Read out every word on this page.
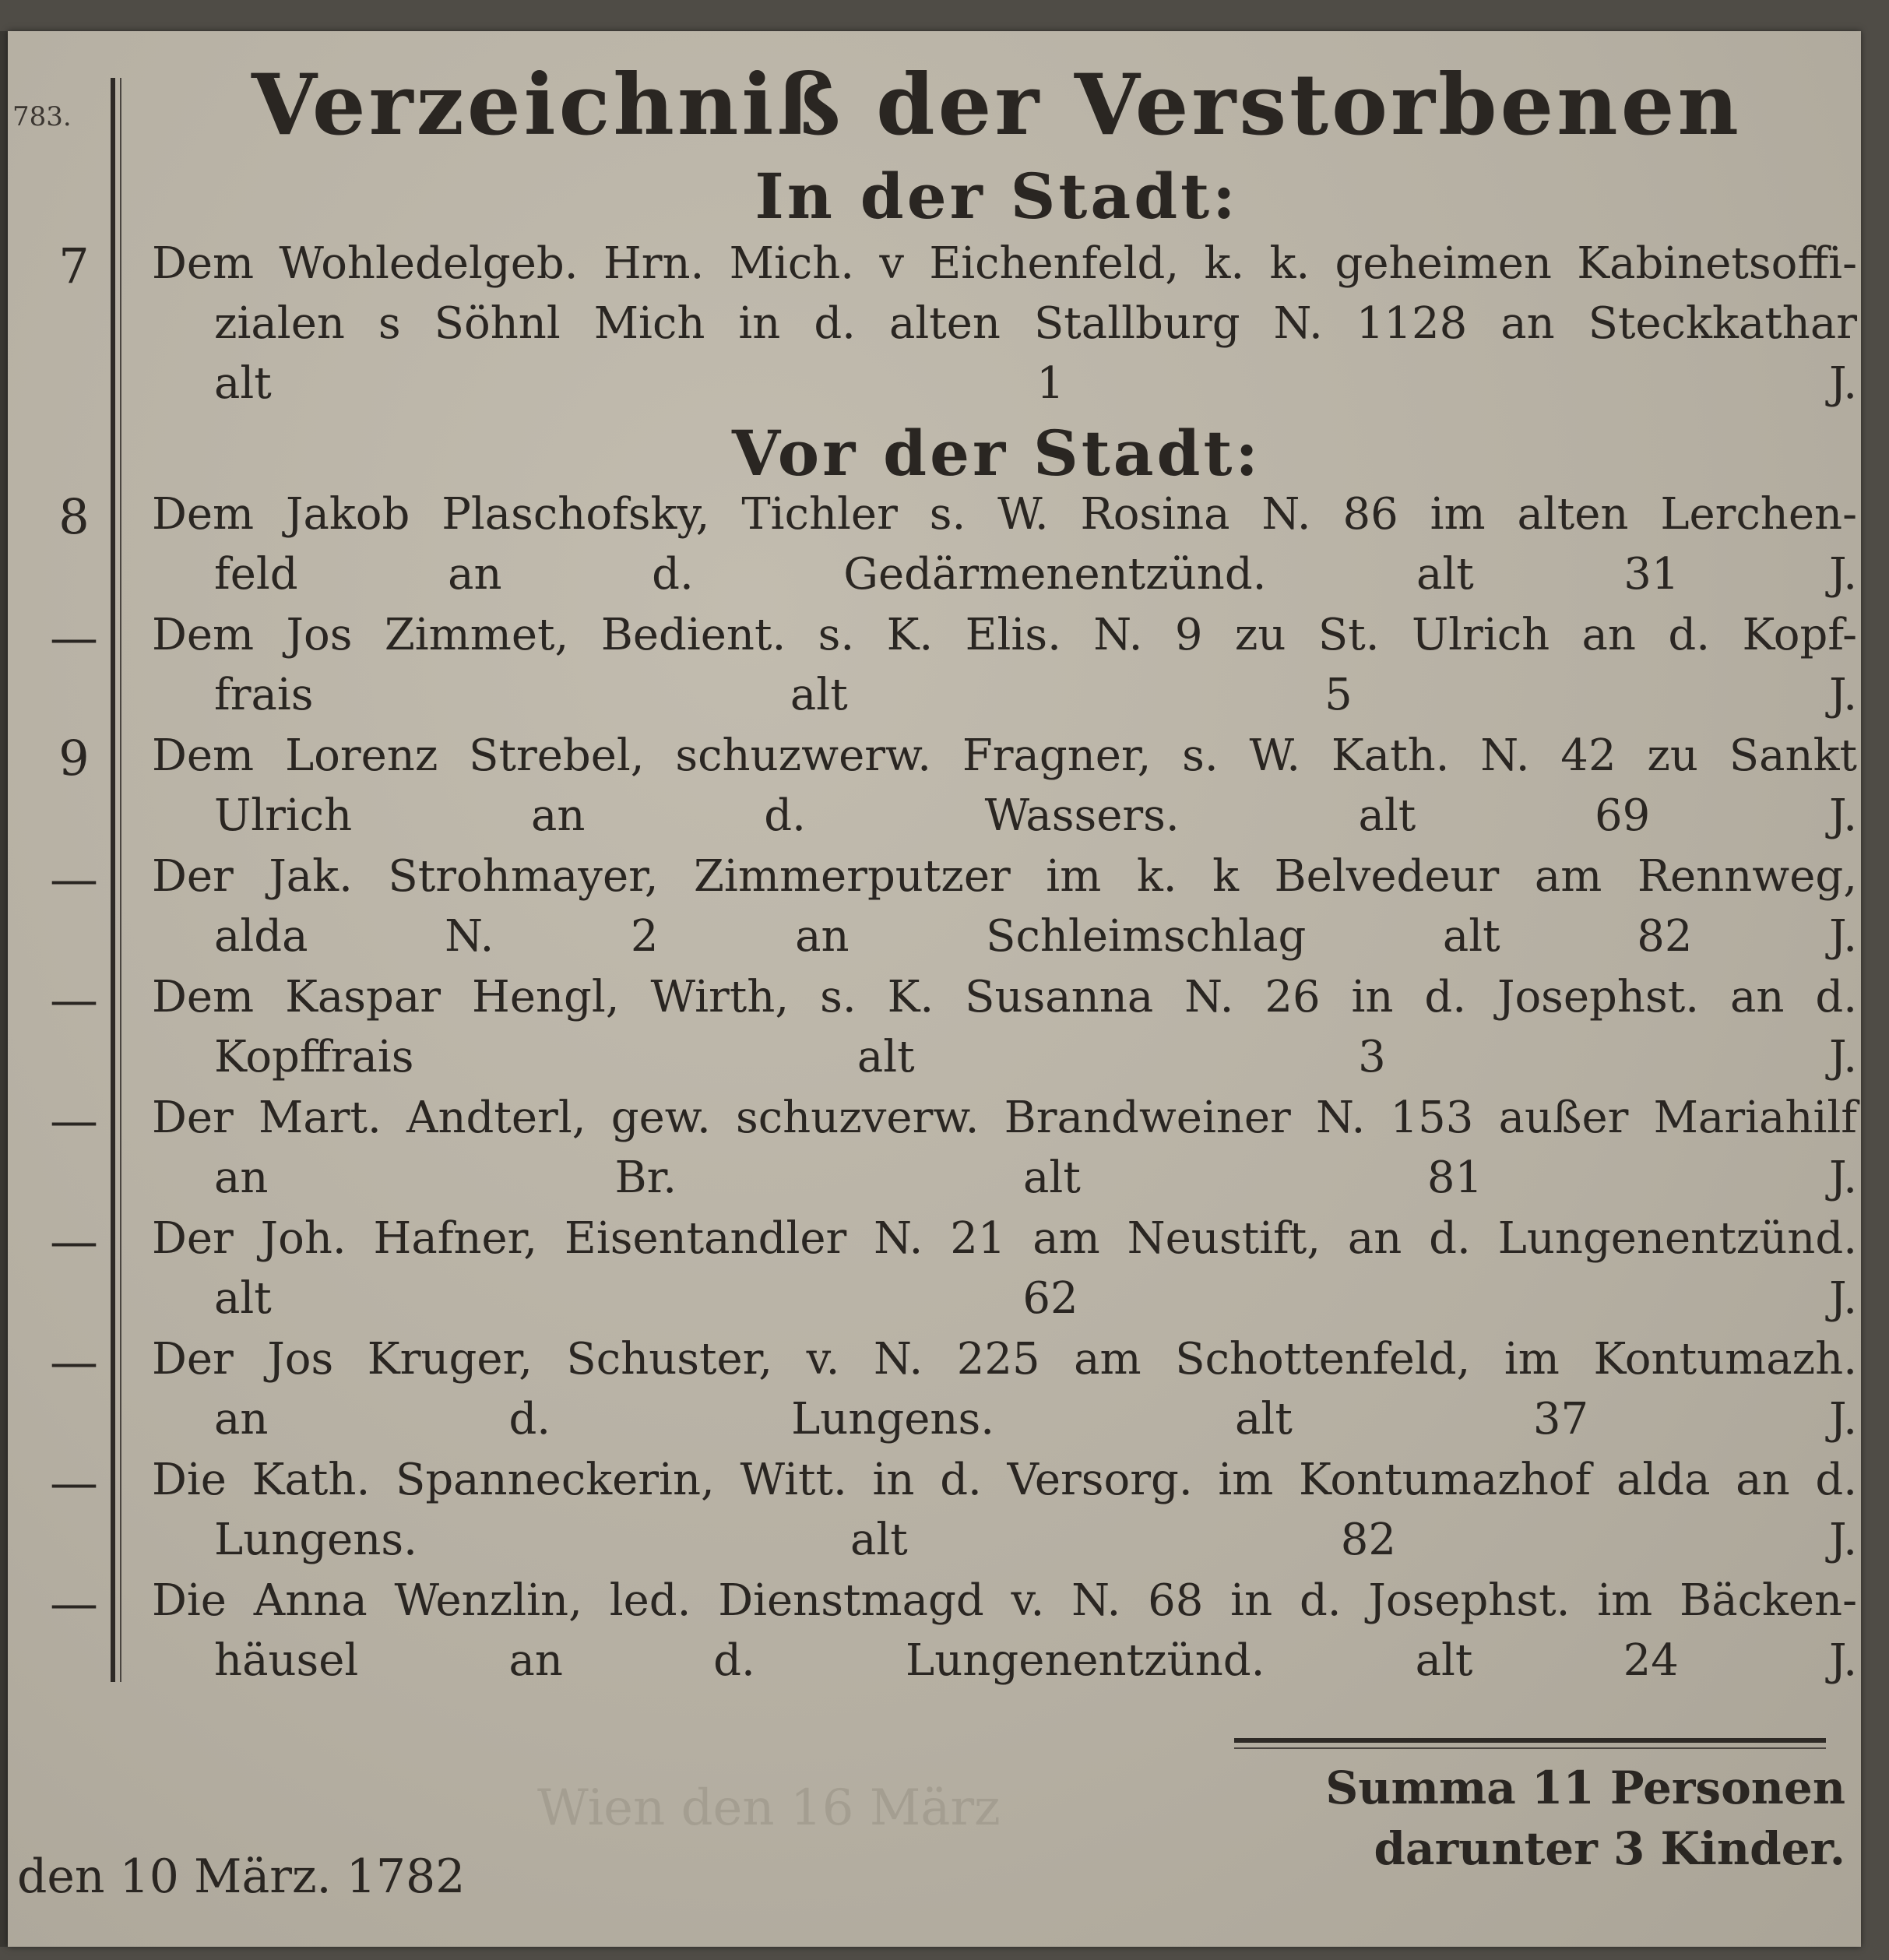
783.	Verzeichniß der Verstorbenen
In der Stadt:
Vor der Stadt:
7 Dem Wohledelgeb. Hrn. Mich. v Eichenfeld, k. k. geheimen Kabinetsoffi-
zialen s Söhnl Mich in d. alten Stallburg N. 1128 an Steckkathar
alt 1 J.
8 Dem Jakob Plaschofsky, Tichler s. W. Rosina N. 86 im alten Lerchen-
feld an d. Gedärmenentzünd. alt 31 J.
— Dem Jos Zimmet, Bedient. s. K. Elis. N. 9 zu St. Ulrich an d. Kopf-
frais alt 5 J.
9 Dem Lorenz Strebel, schuzwerw. Fragner, s. W. Kath. N. 42 zu Sankt
Ulrich an d. Wassers. alt 69 J.
— Der Jak. Strohmayer, Zimmerputzer im k. k Belvedeur am Rennweg,
alda N. 2 an Schleimschlag alt 82 J.
— Dem Kaspar Hengl, Wirth, s. K. Susanna N. 26 in d. Josephst. an d.
Kopffrais alt 3 J.
— Der Mart. Andterl, gew. schuzverw. Brandweiner N. 153 außer Mariahilf
an Br. alt 81 J.
— Der Joh. Hafner, Eisentandler N. 21 am Neustift, an d. Lungenentzünd.
alt 62 J.
— Der Jos Kruger, Schuster, v. N. 225 am Schottenfeld, im Kontumazh.
an d. Lungens. alt 37 J.
— Die Kath. Spanneckerin, Witt. in d. Versorg. im Kontumazhof alda an d.
Lungens. alt 82 J.
— Die Anna Wenzlin, led. Dienstmagd v. N. 68 in d. Josephst. im Bäcken-
häusel an d. Lungenentzünd. alt 24 J.
Wien den 16 März	Summa 11 Personen
darunter 3 Kinder.
den 10 März. 1782
